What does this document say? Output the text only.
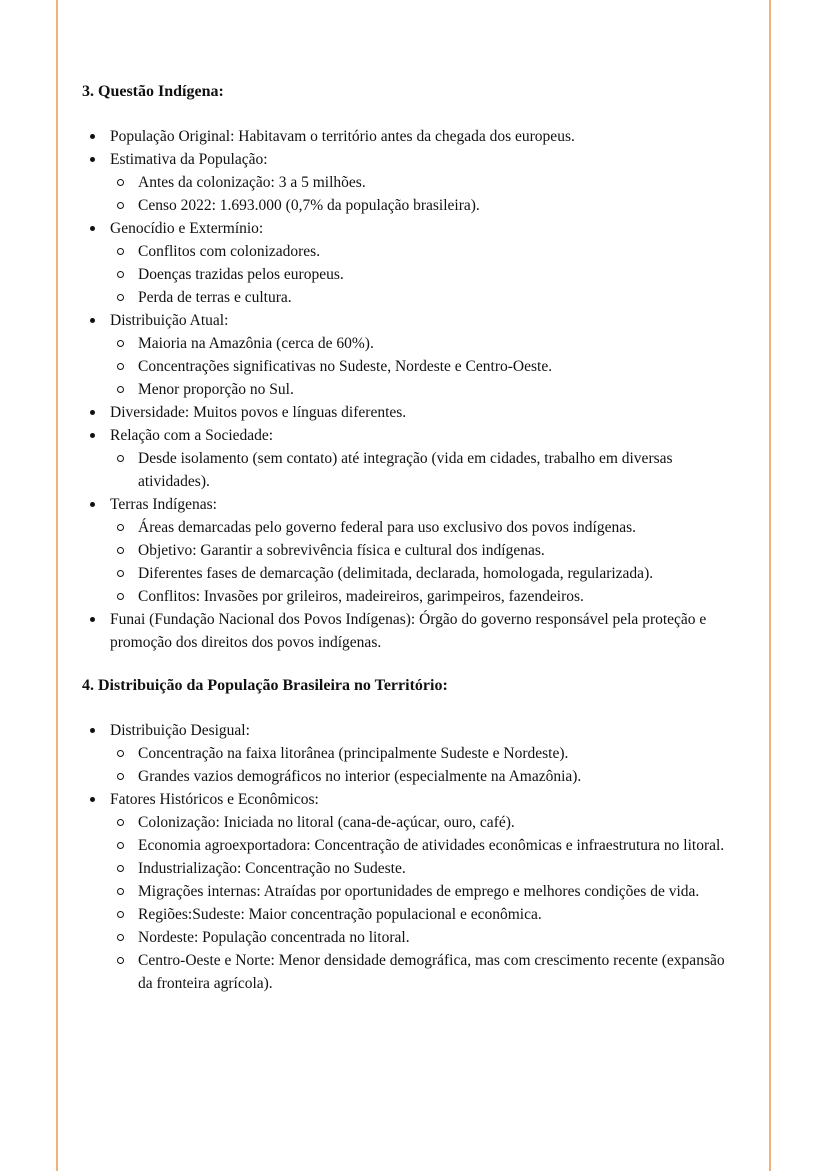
3. Questão Indígena:
População Original: Habitavam o território antes da chegada dos europeus.
Estimativa da População:
Antes da colonização: 3 a 5 milhões.
Censo 2022: 1.693.000 (0,7% da população brasileira).
Genocídio e Extermínio:
Conflitos com colonizadores.
Doenças trazidas pelos europeus.
Perda de terras e cultura.
Distribuição Atual:
Maioria na Amazônia (cerca de 60%).
Concentrações significativas no Sudeste, Nordeste e Centro-Oeste.
Menor proporção no Sul.
Diversidade: Muitos povos e línguas diferentes.
Relação com a Sociedade:
Desde isolamento (sem contato) até integração (vida em cidades, trabalho em diversas atividades).
Terras Indígenas:
Áreas demarcadas pelo governo federal para uso exclusivo dos povos indígenas.
Objetivo: Garantir a sobrevivência física e cultural dos indígenas.
Diferentes fases de demarcação (delimitada, declarada, homologada, regularizada).
Conflitos: Invasões por grileiros, madeireiros, garimpeiros, fazendeiros.
Funai (Fundação Nacional dos Povos Indígenas): Órgão do governo responsável pela proteção e promoção dos direitos dos povos indígenas.
4. Distribuição da População Brasileira no Território:
Distribuição Desigual:
Concentração na faixa litorânea (principalmente Sudeste e Nordeste).
Grandes vazios demográficos no interior (especialmente na Amazônia).
Fatores Históricos e Econômicos:
Colonização: Iniciada no litoral (cana-de-açúcar, ouro, café).
Economia agroexportadora: Concentração de atividades econômicas e infraestrutura no litoral.
Industrialização: Concentração no Sudeste.
Migrações internas: Atraídas por oportunidades de emprego e melhores condições de vida.
Regiões:Sudeste: Maior concentração populacional e econômica.
Nordeste: População concentrada no litoral.
Centro-Oeste e Norte: Menor densidade demográfica, mas com crescimento recente (expansão da fronteira agrícola).
